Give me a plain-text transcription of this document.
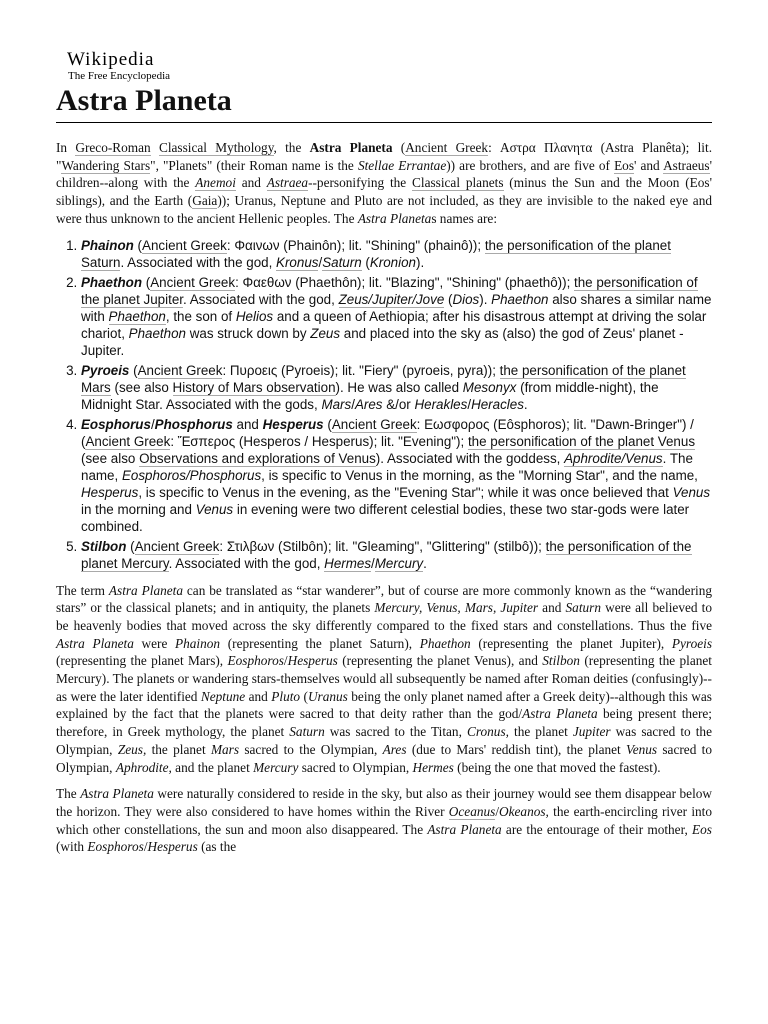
Wikipedia
The Free Encyclopedia
Astra Planeta

In Greco-Roman Classical Mythology, the Astra Planeta (Ancient Greek: Αστρα Πλανητα (Astra Planêta); lit. "Wandering Stars", "Planets" (their Roman name is the Stellae Errantae)) are brothers, and are five of Eos' and Astraeus' children--along with the Anemoi and Astraea--personifying the Classical planets (minus the Sun and the Moon (Eos' siblings), and the Earth (Gaia)); Uranus, Neptune and Pluto are not included, as they are invisible to the naked eye and were thus unknown to the ancient Hellenic peoples. The Astra Planetas names are:

1. Phainon (Ancient Greek: Φαινων (Phainôn); lit. "Shining" (phainô)); the personification of the planet Saturn. Associated with the god, Kronus/Saturn (Kronion).
2. Phaethon (Ancient Greek: Φαεθων (Phaethôn); lit. "Blazing", "Shining" (phaethô)); the personification of the planet Jupiter. Associated with the god, Zeus/Jupiter/Jove (Dios). Phaethon also shares a similar name with Phaethon, the son of Helios and a queen of Aethiopia; after his disastrous attempt at driving the solar chariot, Phaethon was struck down by Zeus and placed into the sky as (also) the god of Zeus' planet - Jupiter.
3. Pyroeis (Ancient Greek: Πυροεις (Pyroeis); lit. "Fiery" (pyroeis, pyra)); the personification of the planet Mars (see also History of Mars observation). He was also called Mesonyx (from middle-night), the Midnight Star. Associated with the gods, Mars/Ares &/or Herakles/Heracles.
4. Eosphorus/Phosphorus and Hesperus (Ancient Greek: Εωσφορος (Eôsphoros); lit. "Dawn-Bringer") / (Ancient Greek: Ἕσπερος (Hesperos / Hesperus); lit. "Evening"); the personification of the planet Venus (see also Observations and explorations of Venus). Associated with the goddess, Aphrodite/Venus. The name, Eosphoros/Phosphorus, is specific to Venus in the morning, as the "Morning Star", and the name, Hesperus, is specific to Venus in the evening, as the "Evening Star"; while it was once believed that Venus in the morning and Venus in evening were two different celestial bodies, these two star-gods were later combined.
5. Stilbon (Ancient Greek: Στιλβων (Stilbôn); lit. "Gleaming", "Glittering" (stilbô)); the personification of the planet Mercury. Associated with the god, Hermes/Mercury.

The term Astra Planeta can be translated as “star wanderer”, but of course are more commonly known as the “wandering stars” or the classical planets; and in antiquity, the planets Mercury, Venus, Mars, Jupiter and Saturn were all believed to be heavenly bodies that moved across the sky differently compared to the fixed stars and constellations. Thus the five Astra Planeta were Phainon (representing the planet Saturn), Phaethon (representing the planet Jupiter), Pyroeis (representing the planet Mars), Eosphoros/Hesperus (representing the planet Venus), and Stilbon (representing the planet Mercury). The planets or wandering stars-themselves would all subsequently be named after Roman deities (confusingly)--as were the later identified Neptune and Pluto (Uranus being the only planet named after a Greek deity)--although this was explained by the fact that the planets were sacred to that deity rather than the god/Astra Planeta being present there; therefore, in Greek mythology, the planet Saturn was sacred to the Titan, Cronus, the planet Jupiter was sacred to the Olympian, Zeus, the planet Mars sacred to the Olympian, Ares (due to Mars' reddish tint), the planet Venus sacred to Olympian, Aphrodite, and the planet Mercury sacred to Olympian, Hermes (being the one that moved the fastest).

The Astra Planeta were naturally considered to reside in the sky, but also as their journey would see them disappear below the horizon. They were also considered to have homes within the River Oceanus/Okeanos, the earth-encircling river into which other constellations, the sun and moon also disappeared. The Astra Planeta are the entourage of their mother, Eos (with Eosphoros/Hesperus (as the
